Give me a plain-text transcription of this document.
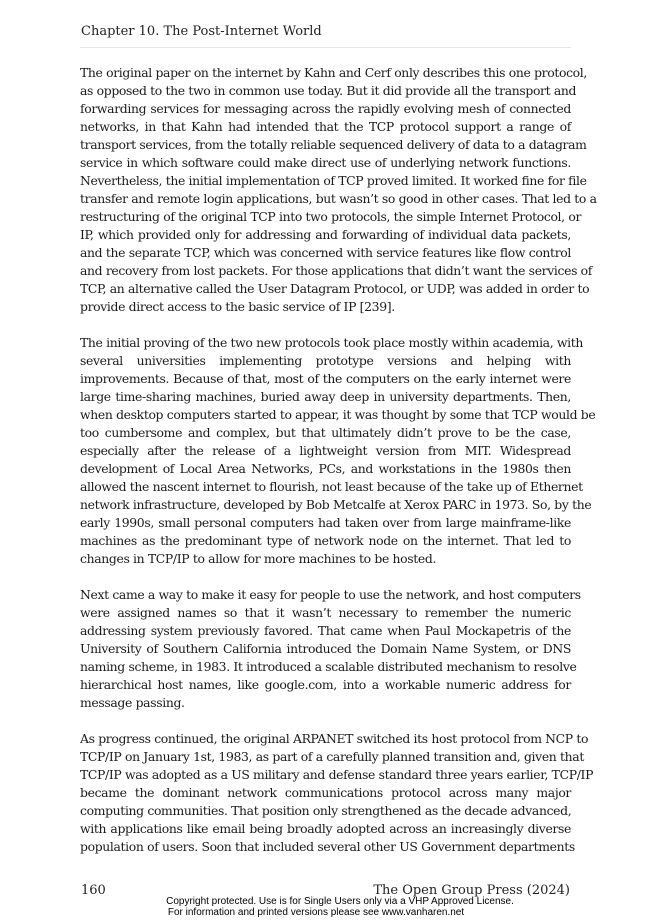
Chapter 10. The Post-Internet World

The original paper on the internet by Kahn and Cerf only describes this one protocol,
as opposed to the two in common use today. But it did provide all the transport and
forwarding services for messaging across the rapidly evolving mesh of connected
networks, in that Kahn had intended that the TCP protocol support a range of
transport services, from the totally reliable sequenced delivery of data to a datagram
service in which software could make direct use of underlying network functions.
Nevertheless, the initial implementation of TCP proved limited. It worked fine for file
transfer and remote login applications, but wasn’t so good in other cases. That led to a
restructuring of the original TCP into two protocols, the simple Internet Protocol, or
IP, which provided only for addressing and forwarding of individual data packets,
and the separate TCP, which was concerned with service features like flow control
and recovery from lost packets. For those applications that didn’t want the services of
TCP, an alternative called the User Datagram Protocol, or UDP, was added in order to
provide direct access to the basic service of IP [239].

The initial proving of the two new protocols took place mostly within academia, with
several universities implementing prototype versions and helping with
improvements. Because of that, most of the computers on the early internet were
large time-sharing machines, buried away deep in university departments. Then,
when desktop computers started to appear, it was thought by some that TCP would be
too cumbersome and complex, but that ultimately didn’t prove to be the case,
especially after the release of a lightweight version from MIT. Widespread
development of Local Area Networks, PCs, and workstations in the 1980s then
allowed the nascent internet to flourish, not least because of the take up of Ethernet
network infrastructure, developed by Bob Metcalfe at Xerox PARC in 1973. So, by the
early 1990s, small personal computers had taken over from large mainframe-like
machines as the predominant type of network node on the internet. That led to
changes in TCP/IP to allow for more machines to be hosted.

Next came a way to make it easy for people to use the network, and host computers
were assigned names so that it wasn’t necessary to remember the numeric
addressing system previously favored. That came when Paul Mockapetris of the
University of Southern California introduced the Domain Name System, or DNS
naming scheme, in 1983. It introduced a scalable distributed mechanism to resolve
hierarchical host names, like google.com, into a workable numeric address for
message passing.

As progress continued, the original ARPANET switched its host protocol from NCP to
TCP/IP on January 1st, 1983, as part of a carefully planned transition and, given that
TCP/IP was adopted as a US military and defense standard three years earlier, TCP/IP
became the dominant network communications protocol across many major
computing communities. That position only strengthened as the decade advanced,
with applications like email being broadly adopted across an increasingly diverse
population of users. Soon that included several other US Government departments

160	The Open Group Press (2024)
Copyright protected. Use is for Single Users only via a VHP Approved License.
For information and printed versions please see www.vanharen.net
